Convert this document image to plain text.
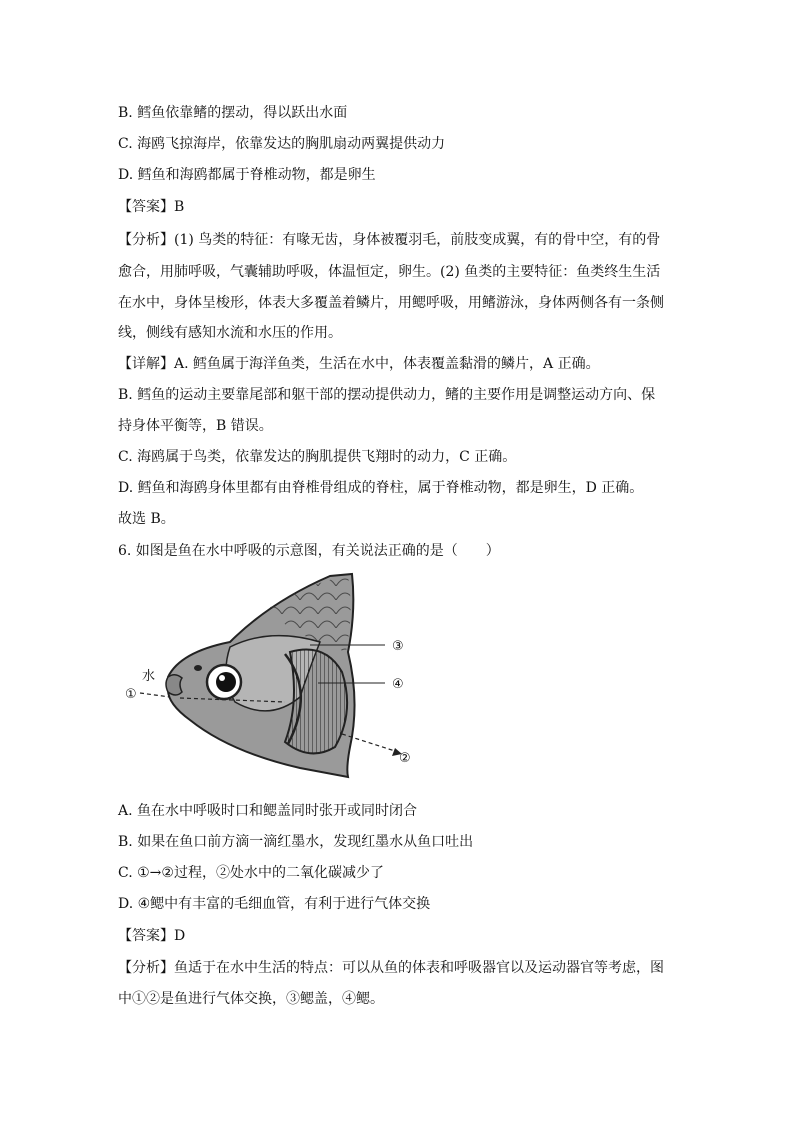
B. 鳕鱼依靠鳍的摆动，得以跃出水面
C. 海鸥飞掠海岸，依靠发达的胸肌扇动两翼提供动力
D. 鳕鱼和海鸥都属于脊椎动物，都是卵生
【答案】B
【分析】(1) 鸟类的特征：有喙无齿，身体被覆羽毛，前肢变成翼，有的骨中空，有的骨
愈合，用肺呼吸，气囊辅助呼吸，体温恒定，卵生。(2) 鱼类的主要特征：鱼类终生生活
在水中，身体呈梭形，体表大多覆盖着鳞片，用鳃呼吸，用鳍游泳，身体两侧各有一条侧
线，侧线有感知水流和水压的作用。
【详解】A. 鳕鱼属于海洋鱼类，生活在水中，体表覆盖黏滑的鳞片，A 正确。
B. 鳕鱼的运动主要靠尾部和躯干部的摆动提供动力，鳍的主要作用是调整运动方向、保
持身体平衡等，B 错误。
C. 海鸥属于鸟类，依靠发达的胸肌提供飞翔时的动力，C 正确。
D. 鳕鱼和海鸥身体里都有由脊椎骨组成的脊柱，属于脊椎动物，都是卵生，D 正确。
故选 B。
6. 如图是鱼在水中呼吸的示意图，有关说法正确的是（　　）
水
①
②
③
④
A. 鱼在水中呼吸时口和鳃盖同时张开或同时闭合
B. 如果在鱼口前方滴一滴红墨水，发现红墨水从鱼口吐出
C. ①→②过程，②处水中的二氧化碳减少了
D. ④鳃中有丰富的毛细血管，有利于进行气体交换
【答案】D
【分析】鱼适于在水中生活的特点：可以从鱼的体表和呼吸器官以及运动器官等考虑，图
中①②是鱼进行气体交换，③鳃盖，④鳃。
